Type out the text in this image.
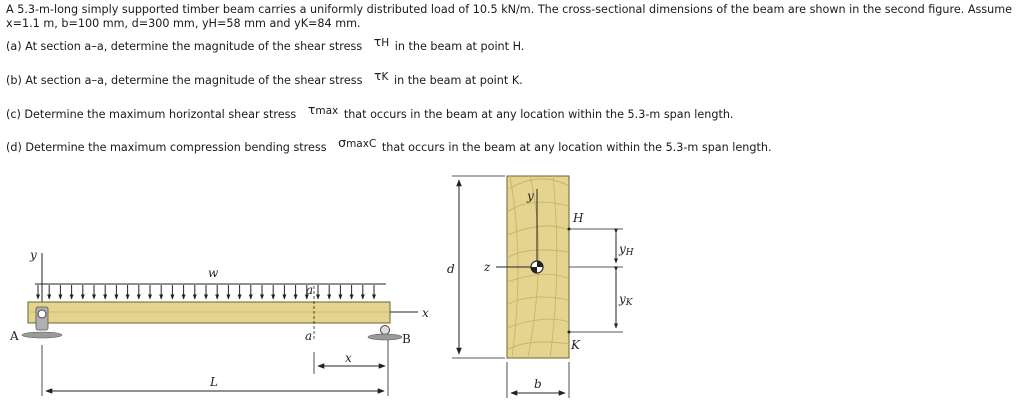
A 5.3-m-long simply supported timber beam carries a uniformly distributed load of 10.5 kN/m. The cross-sectional dimensions of the beam are shown in the second figure. Assume

x=1.1 m, b=100 mm, d=300 mm, yH=58 mm and yK=84 mm.

(a) At section a–a, determine the magnitude of the shear stress τH in the beam at point H.
(b) At section a–a, determine the magnitude of the shear stress τK in the beam at point K.
(c) Determine the maximum horizontal shear stress τmax that occurs in the beam at any location within the 5.3-m span length.
(d) Determine the maximum compression bending stress σmaxC that occurs in the beam at any location within the 5.3-m span length.
y
w
x
a
a
A	B
x
L
d
y
z
H
K
yH
yK
b
